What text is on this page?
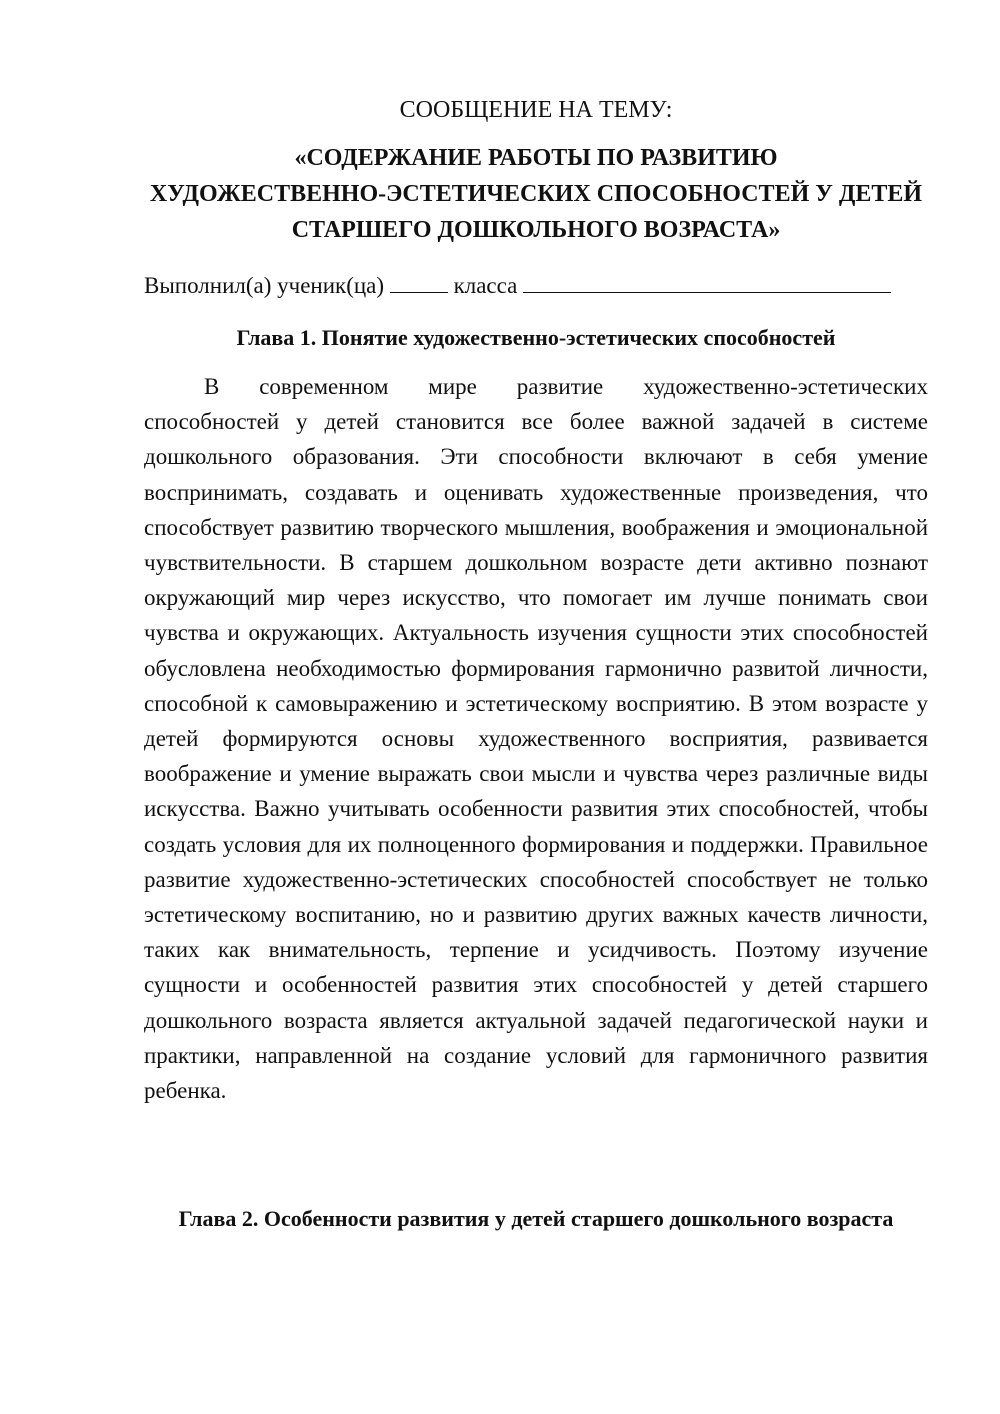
СООБЩЕНИЕ НА ТЕМУ:

«СОДЕРЖАНИЕ РАБОТЫ ПО РАЗВИТИЮ
ХУДОЖЕСТВЕННО-ЭСТЕТИЧЕСКИХ СПОСОБНОСТЕЙ У ДЕТЕЙ
СТАРШЕГО ДОШКОЛЬНОГО ВОЗРАСТА»
Выполнил(а) ученик(ца)	класса
Глава 1. Понятие художественно-эстетических способностей

В современном мире развитие художественно-эстетических способностей у детей становится все более важной задачей в системе дошкольного образования. Эти способности включают в себя умение воспринимать, создавать и оценивать художественные произведения, что способствует развитию творческого мышления, воображения и эмоциональной чувствительности. В старшем дошкольном возрасте дети активно познают окружающий мир через искусство, что помогает им лучше понимать свои чувства и окружающих. Актуальность изучения сущности этих способностей обусловлена необходимостью формирования гармонично развитой личности, способной к самовыражению и эстетическому восприятию. В этом возрасте у детей формируются основы художественного восприятия, развивается воображение и умение выражать свои мысли и чувства через различные виды искусства. Важно учитывать особенности развития этих способностей, чтобы создать условия для их полноценного формирования и поддержки. Правильное развитие художественно-эстетических способностей способствует не только эстетическому воспитанию, но и развитию других важных качеств личности, таких как внимательность, терпение и усидчивость. Поэтому изучение сущности и особенностей развития этих способностей у детей старшего дошкольного возраста является актуальной задачей педагогической науки и практики, направленной на создание условий для гармоничного развития ребенка.

Глава 2. Особенности развития у детей старшего дошкольного возраста
